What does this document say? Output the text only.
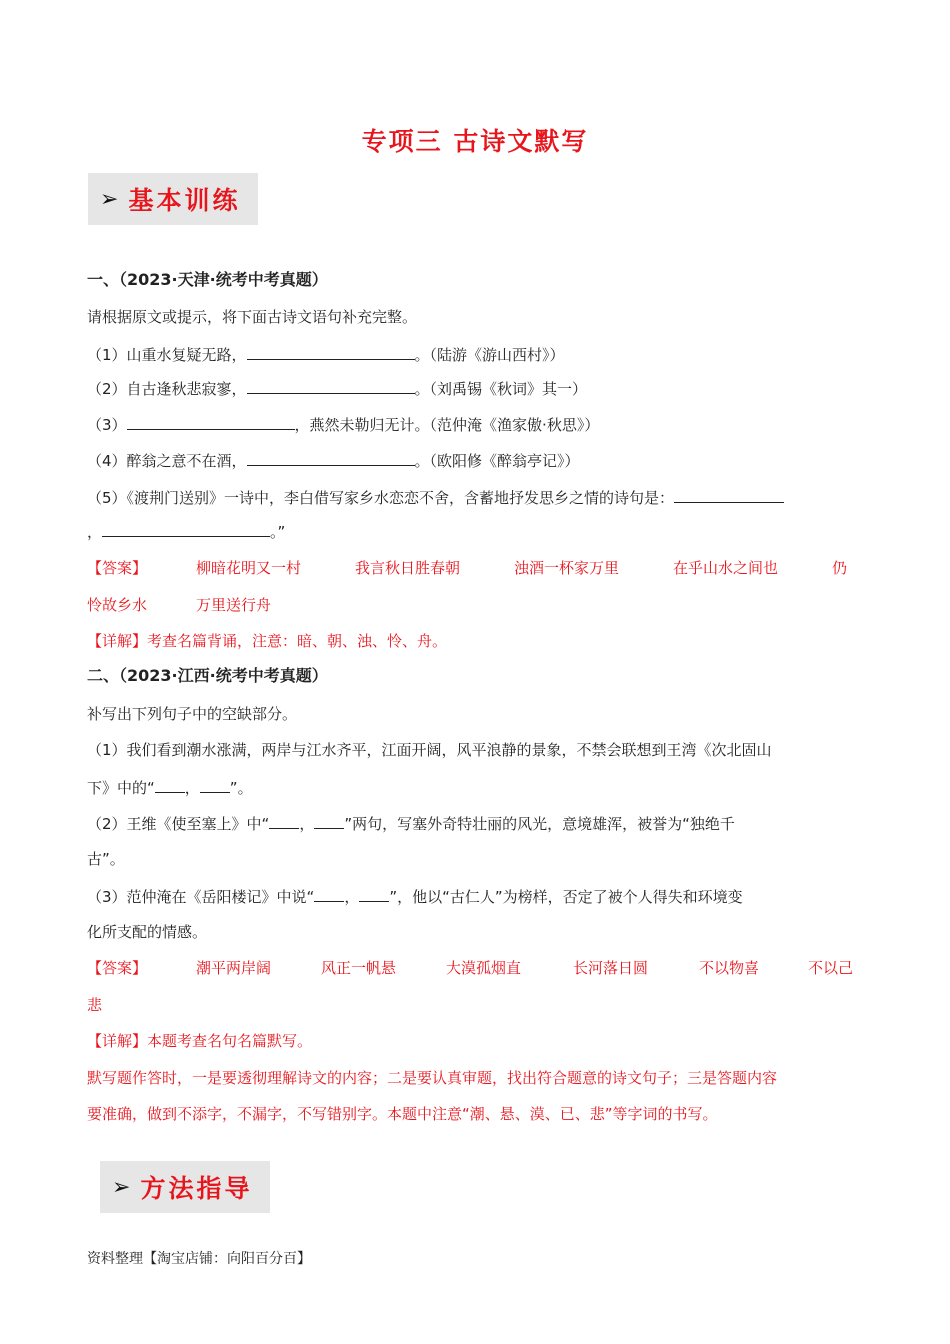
专项三 古诗文默写
➢ 基本训练
一、（2023·天津·统考中考真题）
请根据原文或提示，将下面古诗文语句补充完整。
（1）山重水复疑无路，	。（陆游《游山西村》）
（2）自古逢秋悲寂寥，	。（刘禹锡《秋词》其一）
（3）	，燕然未勒归无计。（范仲淹《渔家傲·秋思》）
（4）醉翁之意不在酒，	。（欧阳修《醉翁亭记》）
（5）《渡荆门送别》一诗中，李白借写家乡水恋恋不舍，含蓄地抒发思乡之情的诗句是：
，	。”
【答案】	柳暗花明又一村	我言秋日胜春朝	浊酒一杯家万里	在乎山水之间也	仍
怜故乡水	万里送行舟
【详解】考查名篇背诵，注意：暗、朝、浊、怜、舟。
二、（2023·江西·统考中考真题）
补写出下列句子中的空缺部分。
（1）我们看到潮水涨满，两岸与江水齐平，江面开阔，风平浪静的景象，不禁会联想到王湾《次北固山
下》中的“ ， ”。
（2）王维《使至塞上》中“ ， ”两句，写塞外奇特壮丽的风光，意境雄浑，被誉为“独绝千
古”。
（3）范仲淹在《岳阳楼记》中说“ ， ”，他以“古仁人”为榜样，否定了被个人得失和环境变
化所支配的情感。
【答案】	潮平两岸阔	风正一帆悬	大漠孤烟直	长河落日圆	不以物喜	不以己
悲
【详解】本题考查名句名篇默写。
默写题作答时，一是要透彻理解诗文的内容；二是要认真审题，找出符合题意的诗文句子；三是答题内容
要准确，做到不添字，不漏字，不写错别字。本题中注意“潮、悬、漠、已、悲”等字词的书写。
➢ 方法指导
资料整理【淘宝店铺：向阳百分百】
